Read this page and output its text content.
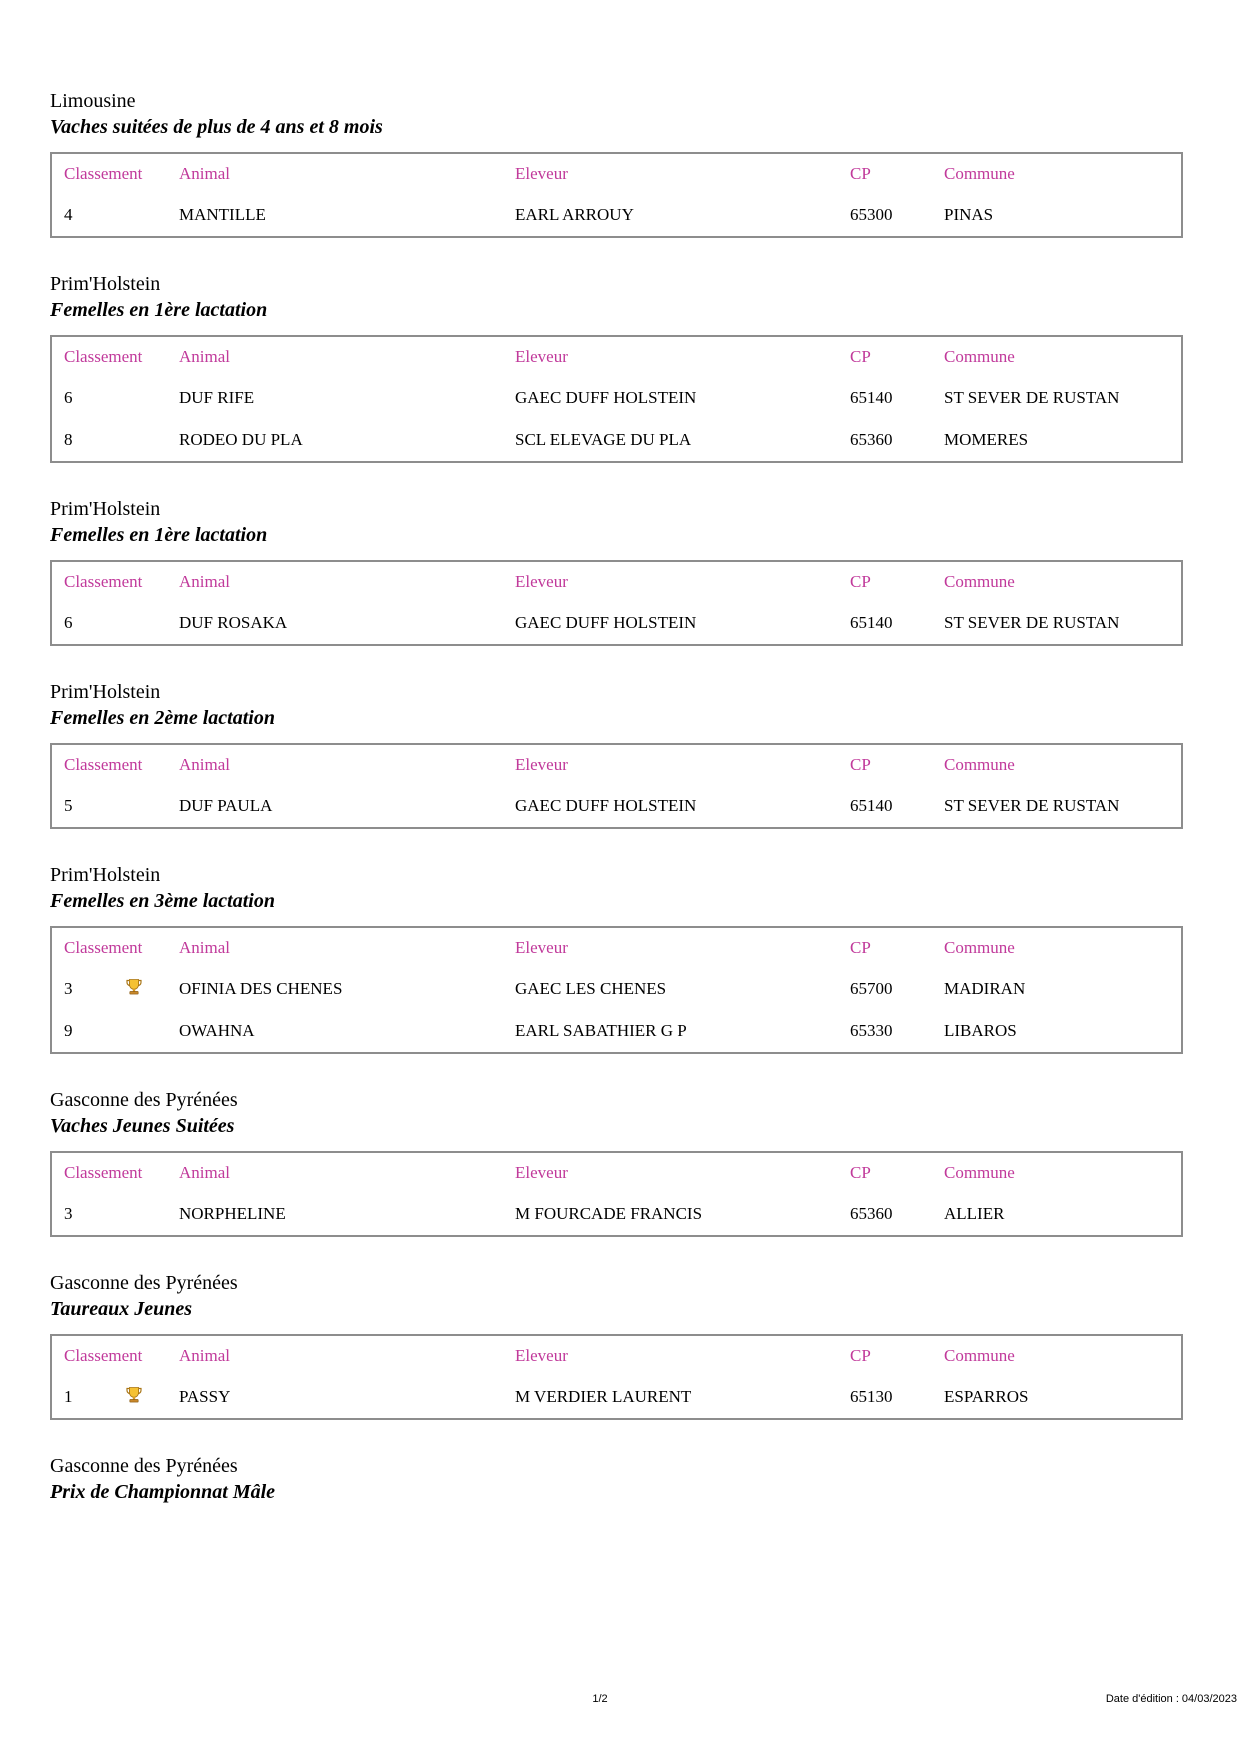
Limousine
Vaches suitées de plus de 4 ans et 8 mois
Classement	Animal	Eleveur	CP	Commune
4	MANTILLE	EARL ARROUY	65300	PINAS
Prim'Holstein
Femelles en 1ère lactation
Classement	Animal	Eleveur	CP	Commune
6	DUF RIFE	GAEC DUFF HOLSTEIN	65140	ST SEVER DE RUSTAN
8	RODEO DU PLA	SCL ELEVAGE DU PLA	65360	MOMERES
Prim'Holstein
Femelles en 1ère lactation
Classement	Animal	Eleveur	CP	Commune
6	DUF ROSAKA	GAEC DUFF HOLSTEIN	65140	ST SEVER DE RUSTAN
Prim'Holstein
Femelles en 2ème lactation
Classement	Animal	Eleveur	CP	Commune
5	DUF PAULA	GAEC DUFF HOLSTEIN	65140	ST SEVER DE RUSTAN
Prim'Holstein
Femelles en 3ème lactation
Classement	Animal	Eleveur	CP	Commune
3	OFINIA DES CHENES	GAEC LES CHENES	65700	MADIRAN
9	OWAHNA	EARL SABATHIER G P	65330	LIBAROS
Gasconne des Pyrénées
Vaches Jeunes Suitées
Classement	Animal	Eleveur	CP	Commune
3	NORPHELINE	M FOURCADE FRANCIS	65360	ALLIER
Gasconne des Pyrénées
Taureaux Jeunes
Classement	Animal	Eleveur	CP	Commune
1	PASSY	M VERDIER LAURENT	65130	ESPARROS
Gasconne des Pyrénées
Prix de Championnat Mâle
1/2	Date d'édition : 04/03/2023
